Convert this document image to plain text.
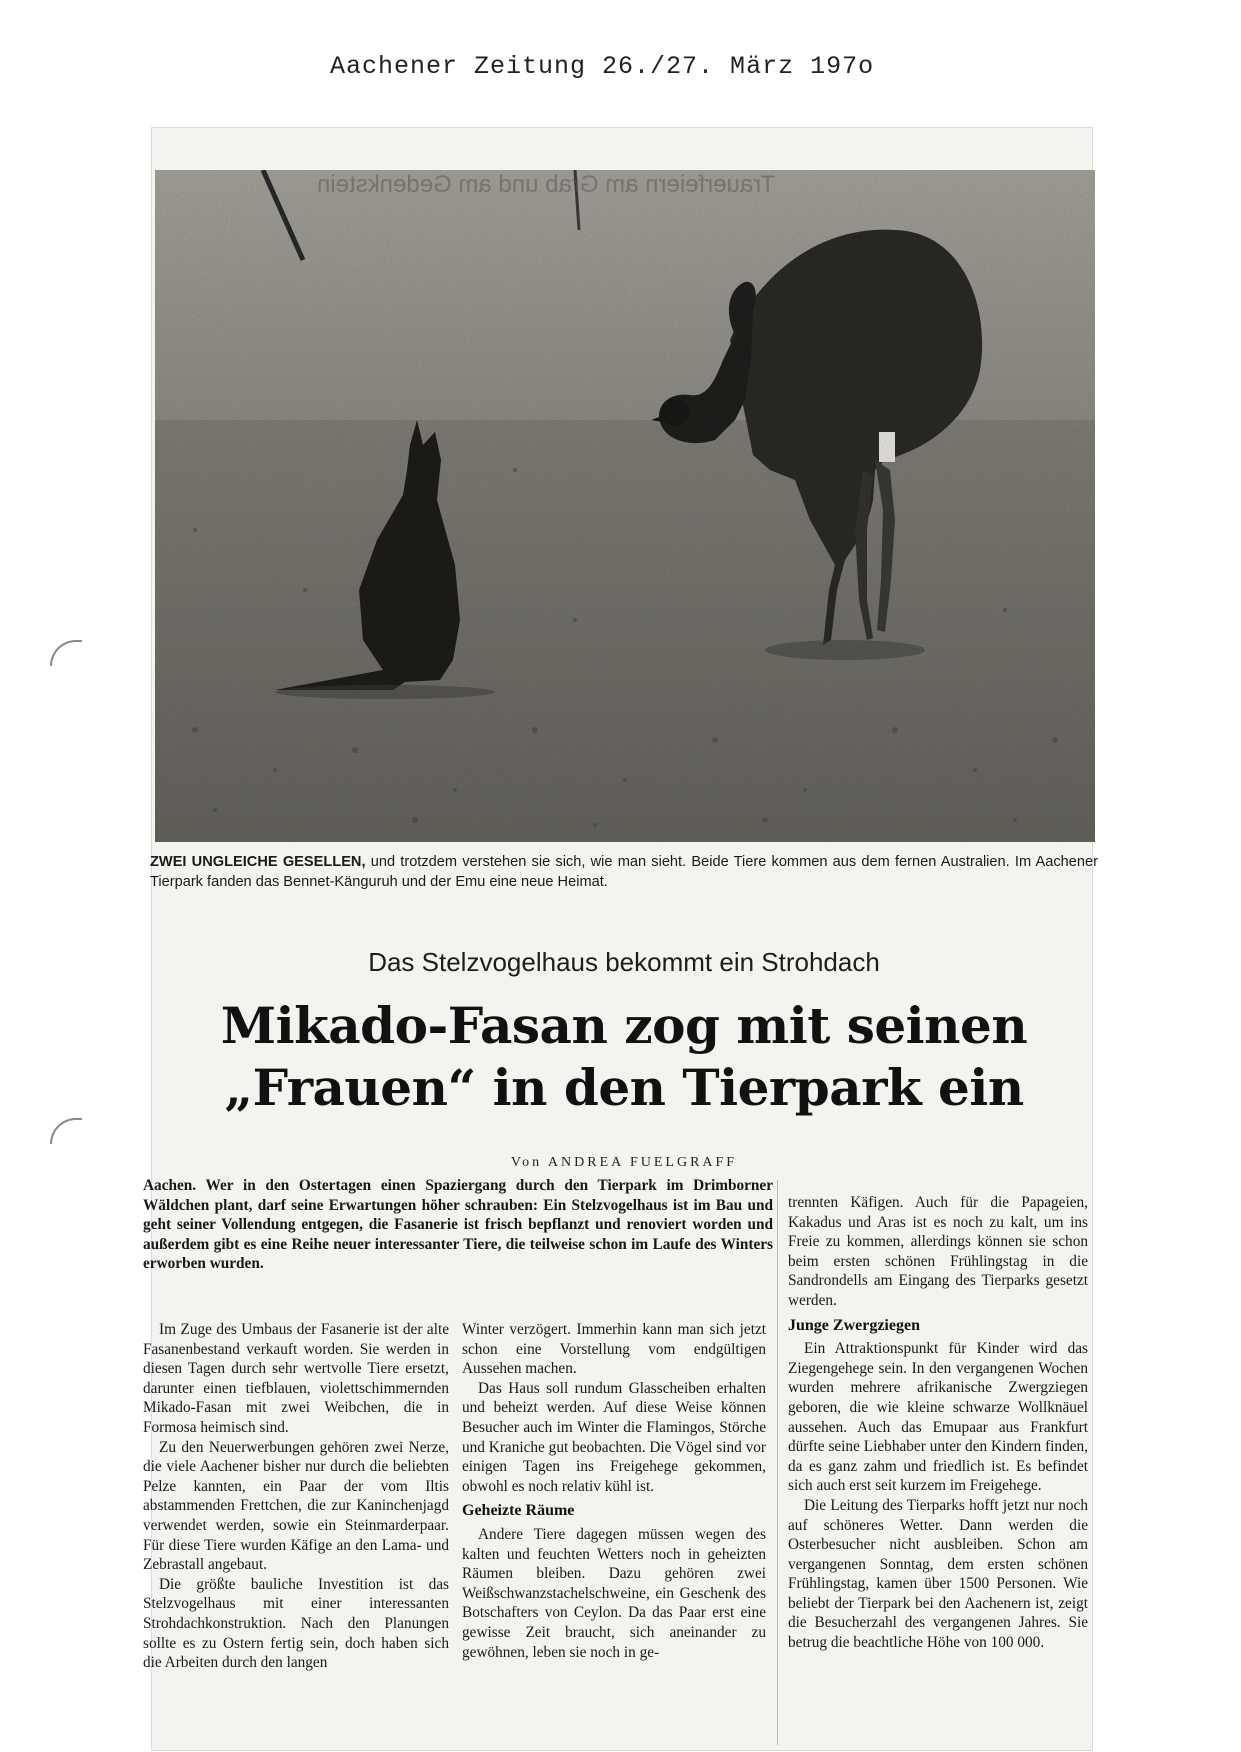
Aachener Zeitung 26./27. März 197o
Trauerfeiern am Grab und am Gedenkstein
ZWEI UNGLEICHE GESELLEN, und trotzdem verstehen sie sich, wie man sieht. Beide Tiere kommen aus dem fernen Australien. Im Aachener Tierpark fanden das Bennet-Känguruh und der Emu eine neue Heimat.
Das Stelzvogelhaus bekommt ein Strohdach
Mikado-Fasan zog mit seinen
„Frauen“ in den Tierpark ein
Von ANDREA FUELGRAFF
Aachen. Wer in den Ostertagen einen Spaziergang durch den Tierpark im Drimborner Wäldchen plant, darf seine Erwartungen höher schrauben: Ein Stelzvogelhaus ist im Bau und geht seiner Vollendung entgegen, die Fasanerie ist frisch bepflanzt und renoviert worden und außerdem gibt es eine Reihe neuer interessanter Tiere, die teilweise schon im Laufe des Winters erworben wurden.

Im Zuge des Umbaus der Fasanerie ist der alte Fasanenbestand verkauft worden. Sie werden in diesen Tagen durch sehr wertvolle Tiere ersetzt, darunter einen tiefblauen, violettschimmernden Mikado-Fasan mit zwei Weibchen, die in Formosa heimisch sind.

Zu den Neuerwerbungen gehören zwei Nerze, die viele Aachener bisher nur durch die beliebten Pelze kannten, ein Paar der vom Iltis abstammenden Frettchen, die zur Kaninchenjagd verwendet werden, sowie ein Steinmarderpaar. Für diese Tiere wurden Käfige an den Lama- und Zebrastall angebaut.

Die größte bauliche Investition ist das Stelzvogelhaus mit einer interessanten Strohdachkonstruktion. Nach den Planungen sollte es zu Ostern fertig sein, doch haben sich die Arbeiten durch den langen

Winter verzögert. Immerhin kann man sich jetzt schon eine Vorstellung vom endgültigen Aussehen machen.

Das Haus soll rundum Glasscheiben erhalten und beheizt werden. Auf diese Weise können Besucher auch im Winter die Flamingos, Störche und Kraniche gut beobachten. Die Vögel sind vor einigen Tagen ins Freigehege gekommen, obwohl es noch relativ kühl ist.

Geheizte Räume

Andere Tiere dagegen müssen wegen des kalten und feuchten Wetters noch in geheizten Räumen bleiben. Dazu gehören zwei Weißschwanzstachelschweine, ein Geschenk des Botschafters von Ceylon. Da das Paar erst eine gewisse Zeit braucht, sich aneinander zu gewöhnen, leben sie noch in ge-

trennten Käfigen. Auch für die Papageien, Kakadus und Aras ist es noch zu kalt, um ins Freie zu kommen, allerdings können sie schon beim ersten schönen Frühlingstag in die Sandrondells am Eingang des Tierparks gesetzt werden.

Junge Zwergziegen

Ein Attraktionspunkt für Kinder wird das Ziegengehege sein. In den vergangenen Wochen wurden mehrere afrikanische Zwergziegen geboren, die wie kleine schwarze Wollknäuel aussehen. Auch das Emupaar aus Frankfurt dürfte seine Liebhaber unter den Kindern finden, da es ganz zahm und friedlich ist. Es befindet sich auch erst seit kurzem im Freigehege.

Die Leitung des Tierparks hofft jetzt nur noch auf schöneres Wetter. Dann werden die Osterbesucher nicht ausbleiben. Schon am vergangenen Sonntag, dem ersten schönen Frühlingstag, kamen über 1500 Personen. Wie beliebt der Tierpark bei den Aachenern ist, zeigt die Besucherzahl des vergangenen Jahres. Sie betrug die beachtliche Höhe von 100 000.
